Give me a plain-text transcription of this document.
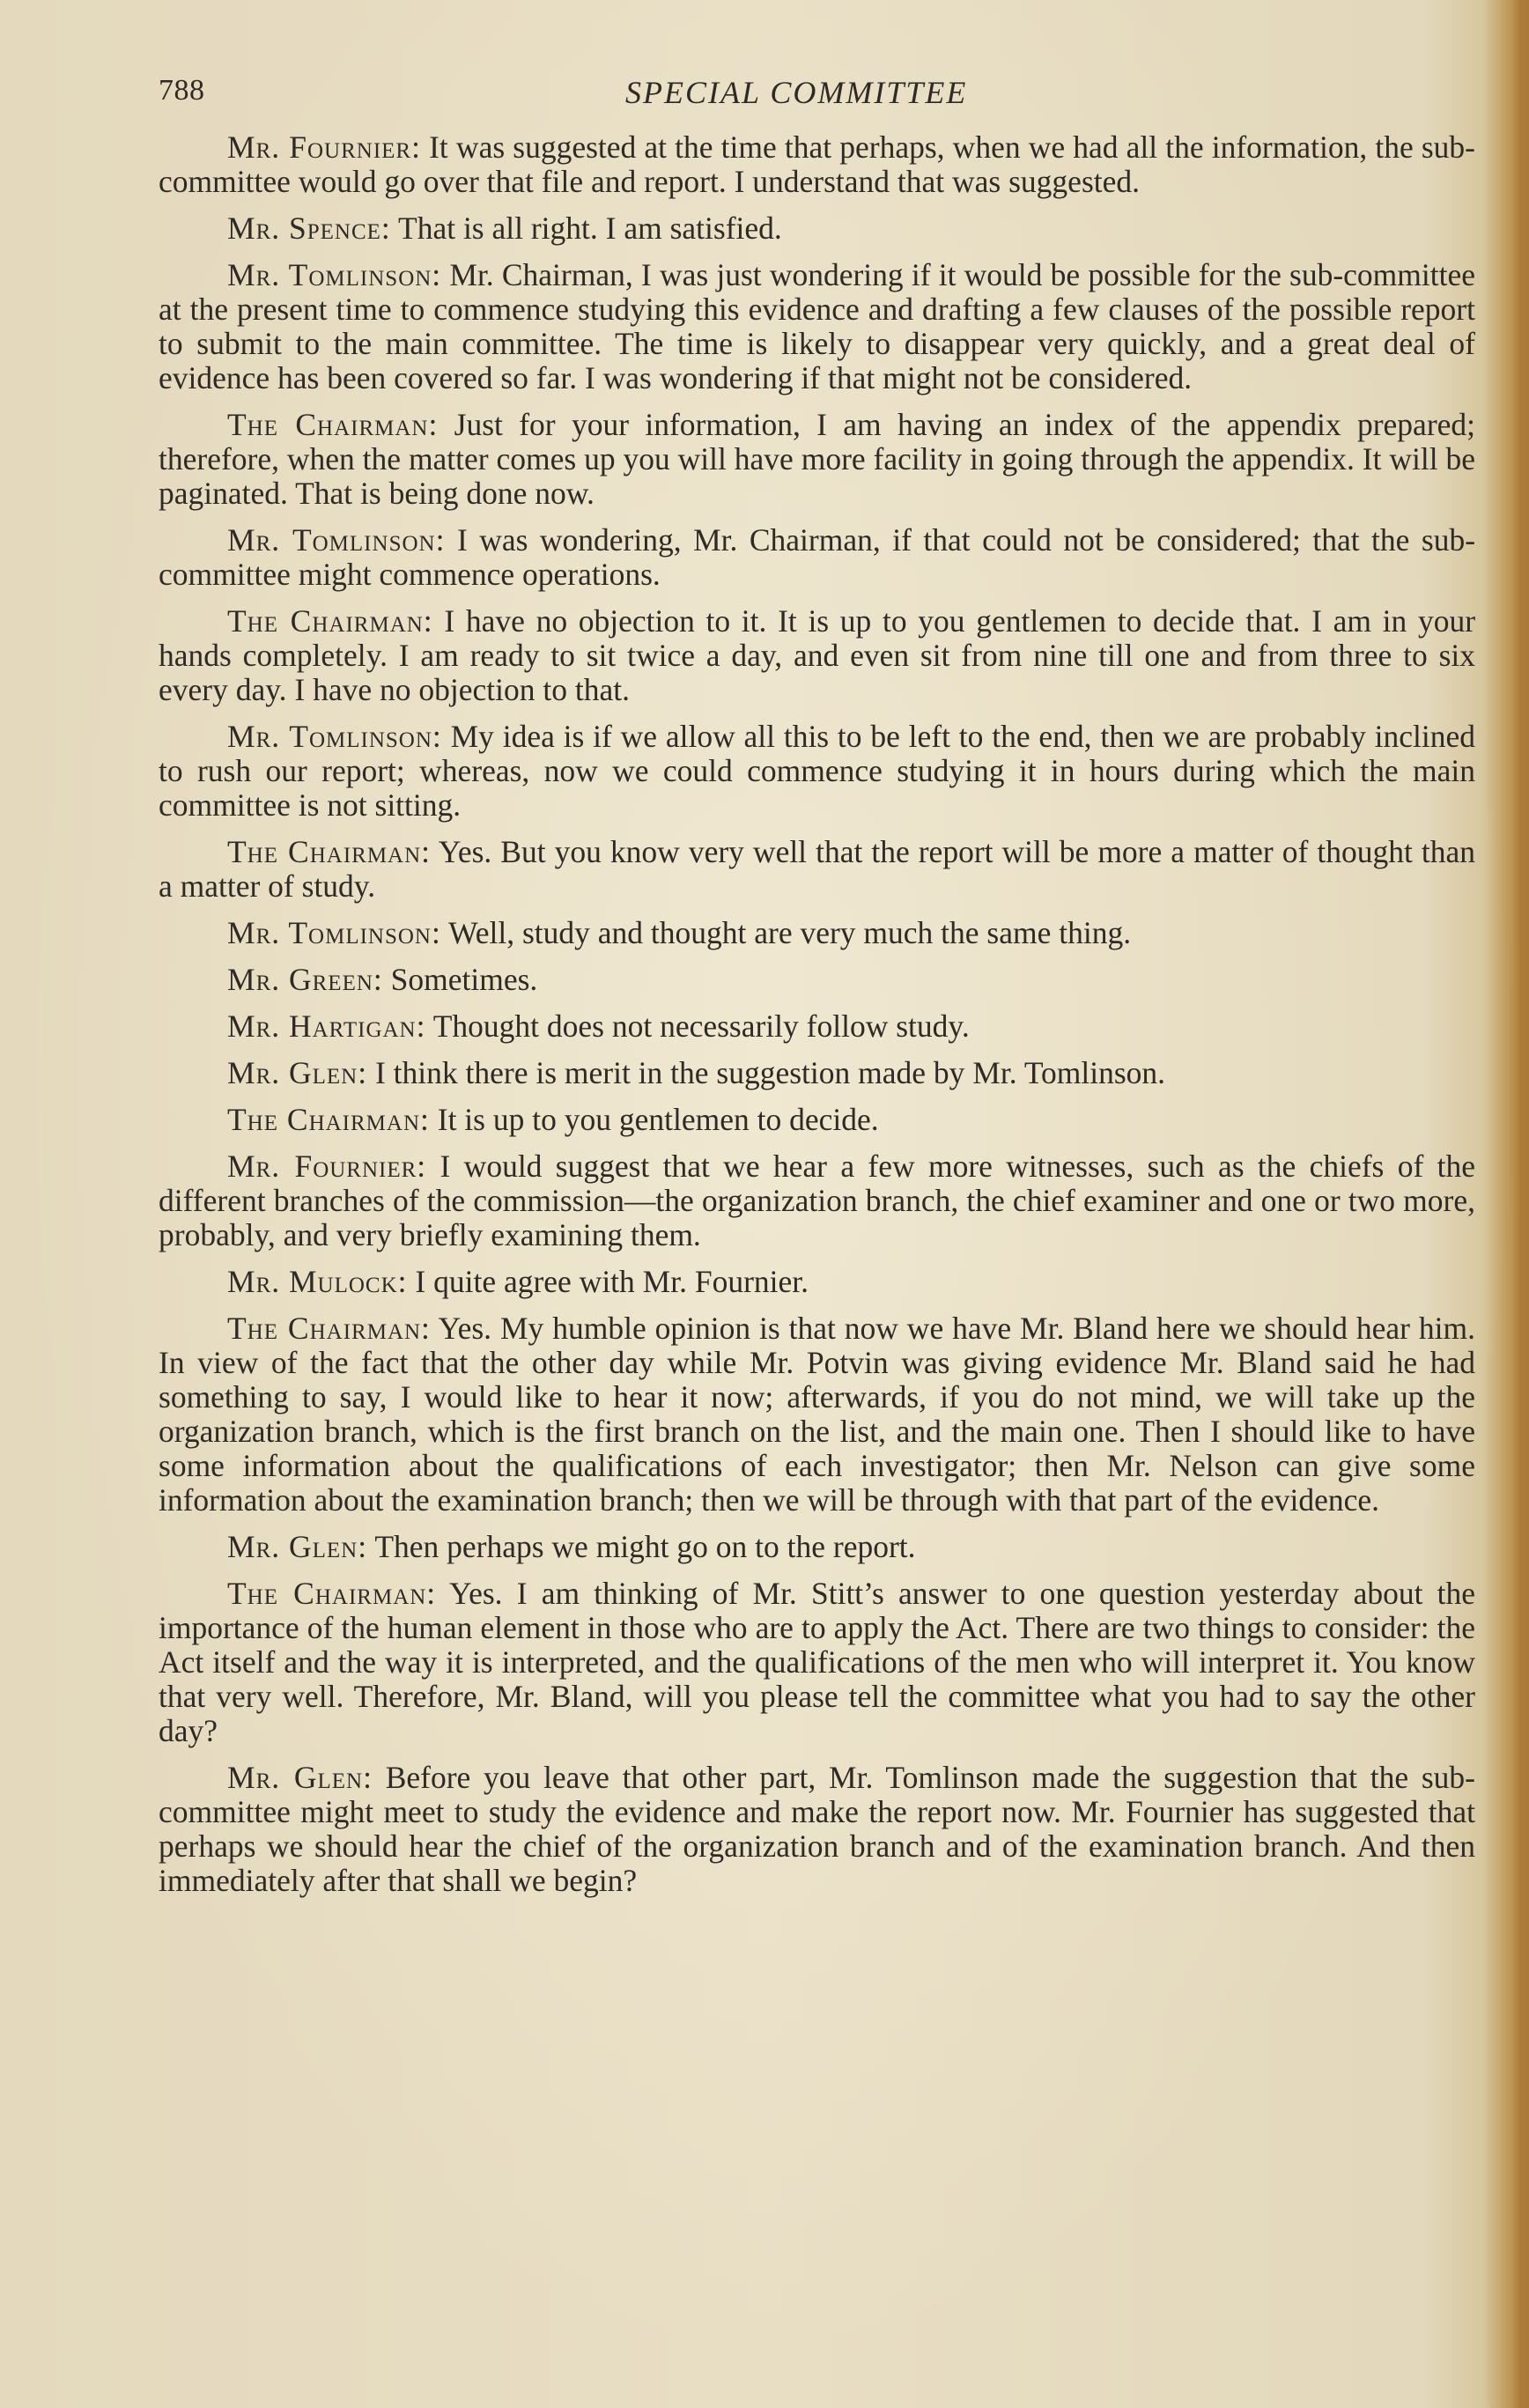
788	SPECIAL COMMITTEE

Mr. Fournier: It was suggested at the time that perhaps, when we had all the information, the sub-committee would go over that file and report. I understand that was suggested.

Mr. Spence: That is all right. I am satisfied.

Mr. Tomlinson: Mr. Chairman, I was just wondering if it would be possible for the sub-committee at the present time to commence studying this evidence and drafting a few clauses of the possible report to submit to the main committee. The time is likely to disappear very quickly, and a great deal of evidence has been covered so far. I was wondering if that might not be considered.

The Chairman: Just for your information, I am having an index of the appendix prepared; therefore, when the matter comes up you will have more facility in going through the appendix. It will be paginated. That is being done now.

Mr. Tomlinson: I was wondering, Mr. Chairman, if that could not be considered; that the sub-committee might commence operations.

The Chairman: I have no objection to it. It is up to you gentlemen to decide that. I am in your hands completely. I am ready to sit twice a day, and even sit from nine till one and from three to six every day. I have no objection to that.

Mr. Tomlinson: My idea is if we allow all this to be left to the end, then we are probably inclined to rush our report; whereas, now we could commence studying it in hours during which the main committee is not sitting.

The Chairman: Yes. But you know very well that the report will be more a matter of thought than a matter of study.

Mr. Tomlinson: Well, study and thought are very much the same thing.

Mr. Green: Sometimes.

Mr. Hartigan: Thought does not necessarily follow study.

Mr. Glen: I think there is merit in the suggestion made by Mr. Tomlinson.

The Chairman: It is up to you gentlemen to decide.

Mr. Fournier: I would suggest that we hear a few more witnesses, such as the chiefs of the different branches of the commission—the organization branch, the chief examiner and one or two more, probably, and very briefly examining them.

Mr. Mulock: I quite agree with Mr. Fournier.

The Chairman: Yes. My humble opinion is that now we have Mr. Bland here we should hear him. In view of the fact that the other day while Mr. Potvin was giving evidence Mr. Bland said he had something to say, I would like to hear it now; afterwards, if you do not mind, we will take up the organization branch, which is the first branch on the list, and the main one. Then I should like to have some information about the qualifications of each investigator; then Mr. Nelson can give some information about the examination branch; then we will be through with that part of the evidence.

Mr. Glen: Then perhaps we might go on to the report.

The Chairman: Yes. I am thinking of Mr. Stitt’s answer to one question yesterday about the importance of the human element in those who are to apply the Act. There are two things to consider: the Act itself and the way it is interpreted, and the qualifications of the men who will interpret it. You know that very well. Therefore, Mr. Bland, will you please tell the committee what you had to say the other day?

Mr. Glen: Before you leave that other part, Mr. Tomlinson made the suggestion that the sub-committee might meet to study the evidence and make the report now. Mr. Fournier has suggested that perhaps we should hear the chief of the organization branch and of the examination branch. And then immediately after that shall we begin?
